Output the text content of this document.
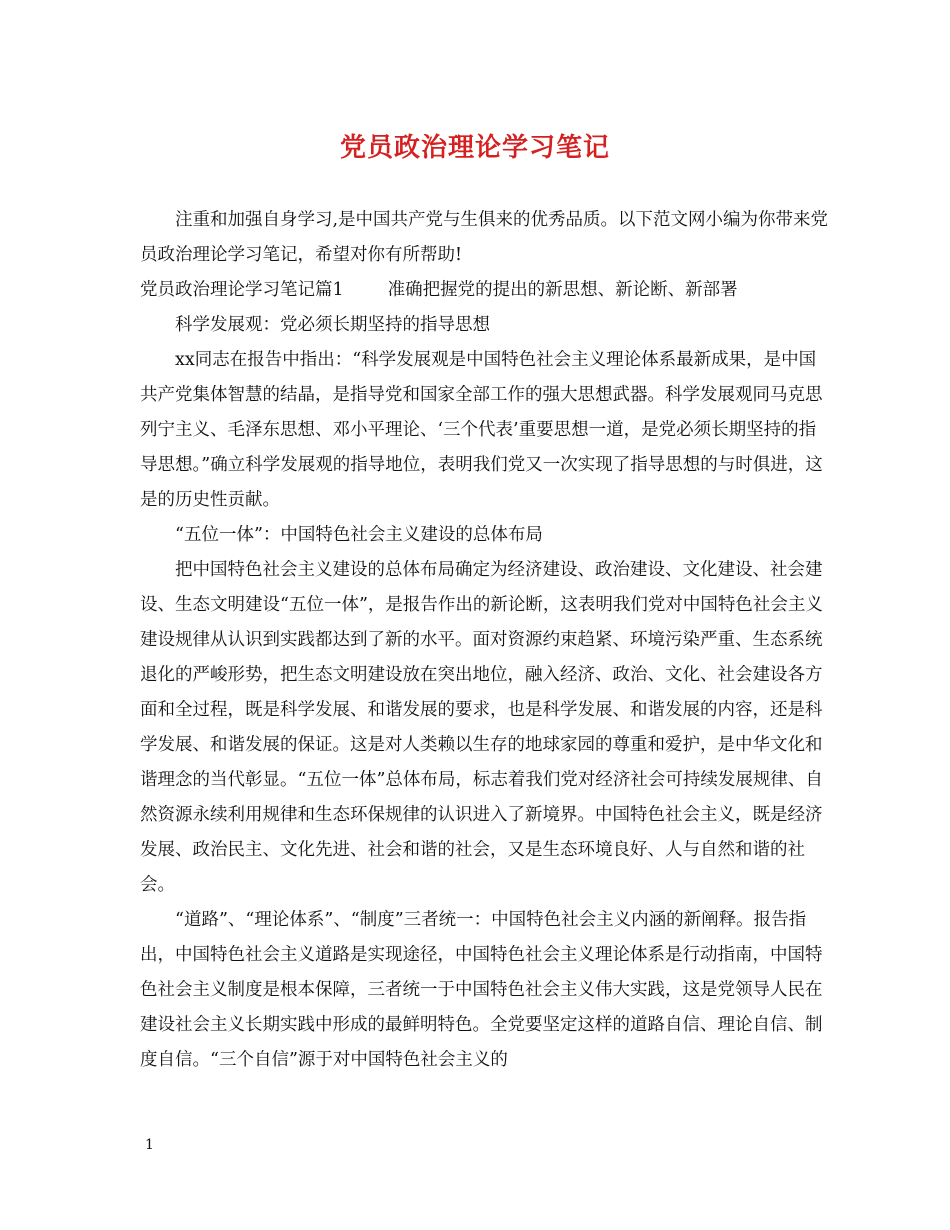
党员政治理论学习笔记

注重和加强自身学习,是中国共产党与生俱来的优秀品质。以下范文网小编为你带来党员政治理论学习笔记，希望对你有所帮助!

党员政治理论学习笔记篇1	准确把握党的提出的新思想、新论断、新部署

科学发展观：党必须长期坚持的指导思想

xx同志在报告中指出：“科学发展观是中国特色社会主义理论体系最新成果，是中国共产党集体智慧的结晶，是指导党和国家全部工作的强大思想武器。科学发展观同马克思列宁主义、毛泽东思想、邓小平理论、‘三个代表’重要思想一道，是党必须长期坚持的指导思想。”确立科学发展观的指导地位，表明我们党又一次实现了指导思想的与时俱进，这是的历史性贡献。

“五位一体”：中国特色社会主义建设的总体布局

把中国特色社会主义建设的总体布局确定为经济建设、政治建设、文化建设、社会建设、生态文明建设“五位一体”，是报告作出的新论断，这表明我们党对中国特色社会主义建设规律从认识到实践都达到了新的水平。面对资源约束趋紧、环境污染严重、生态系统退化的严峻形势，把生态文明建设放在突出地位，融入经济、政治、文化、社会建设各方面和全过程，既是科学发展、和谐发展的要求，也是科学发展、和谐发展的内容，还是科学发展、和谐发展的保证。这是对人类赖以生存的地球家园的尊重和爱护，是中华文化和谐理念的当代彰显。“五位一体”总体布局，标志着我们党对经济社会可持续发展规律、自然资源永续利用规律和生态环保规律的认识进入了新境界。中国特色社会主义，既是经济发展、政治民主、文化先进、社会和谐的社会，又是生态环境良好、人与自然和谐的社会。

“道路”、“理论体系”、“制度”三者统一：中国特色社会主义内涵的新阐释。报告指出，中国特色社会主义道路是实现途径，中国特色社会主义理论体系是行动指南，中国特色社会主义制度是根本保障，三者统一于中国特色社会主义伟大实践，这是党领导人民在建设社会主义长期实践中形成的最鲜明特色。全党要坚定这样的道路自信、理论自信、制度自信。“三个自信”源于对中国特色社会主义的

1
